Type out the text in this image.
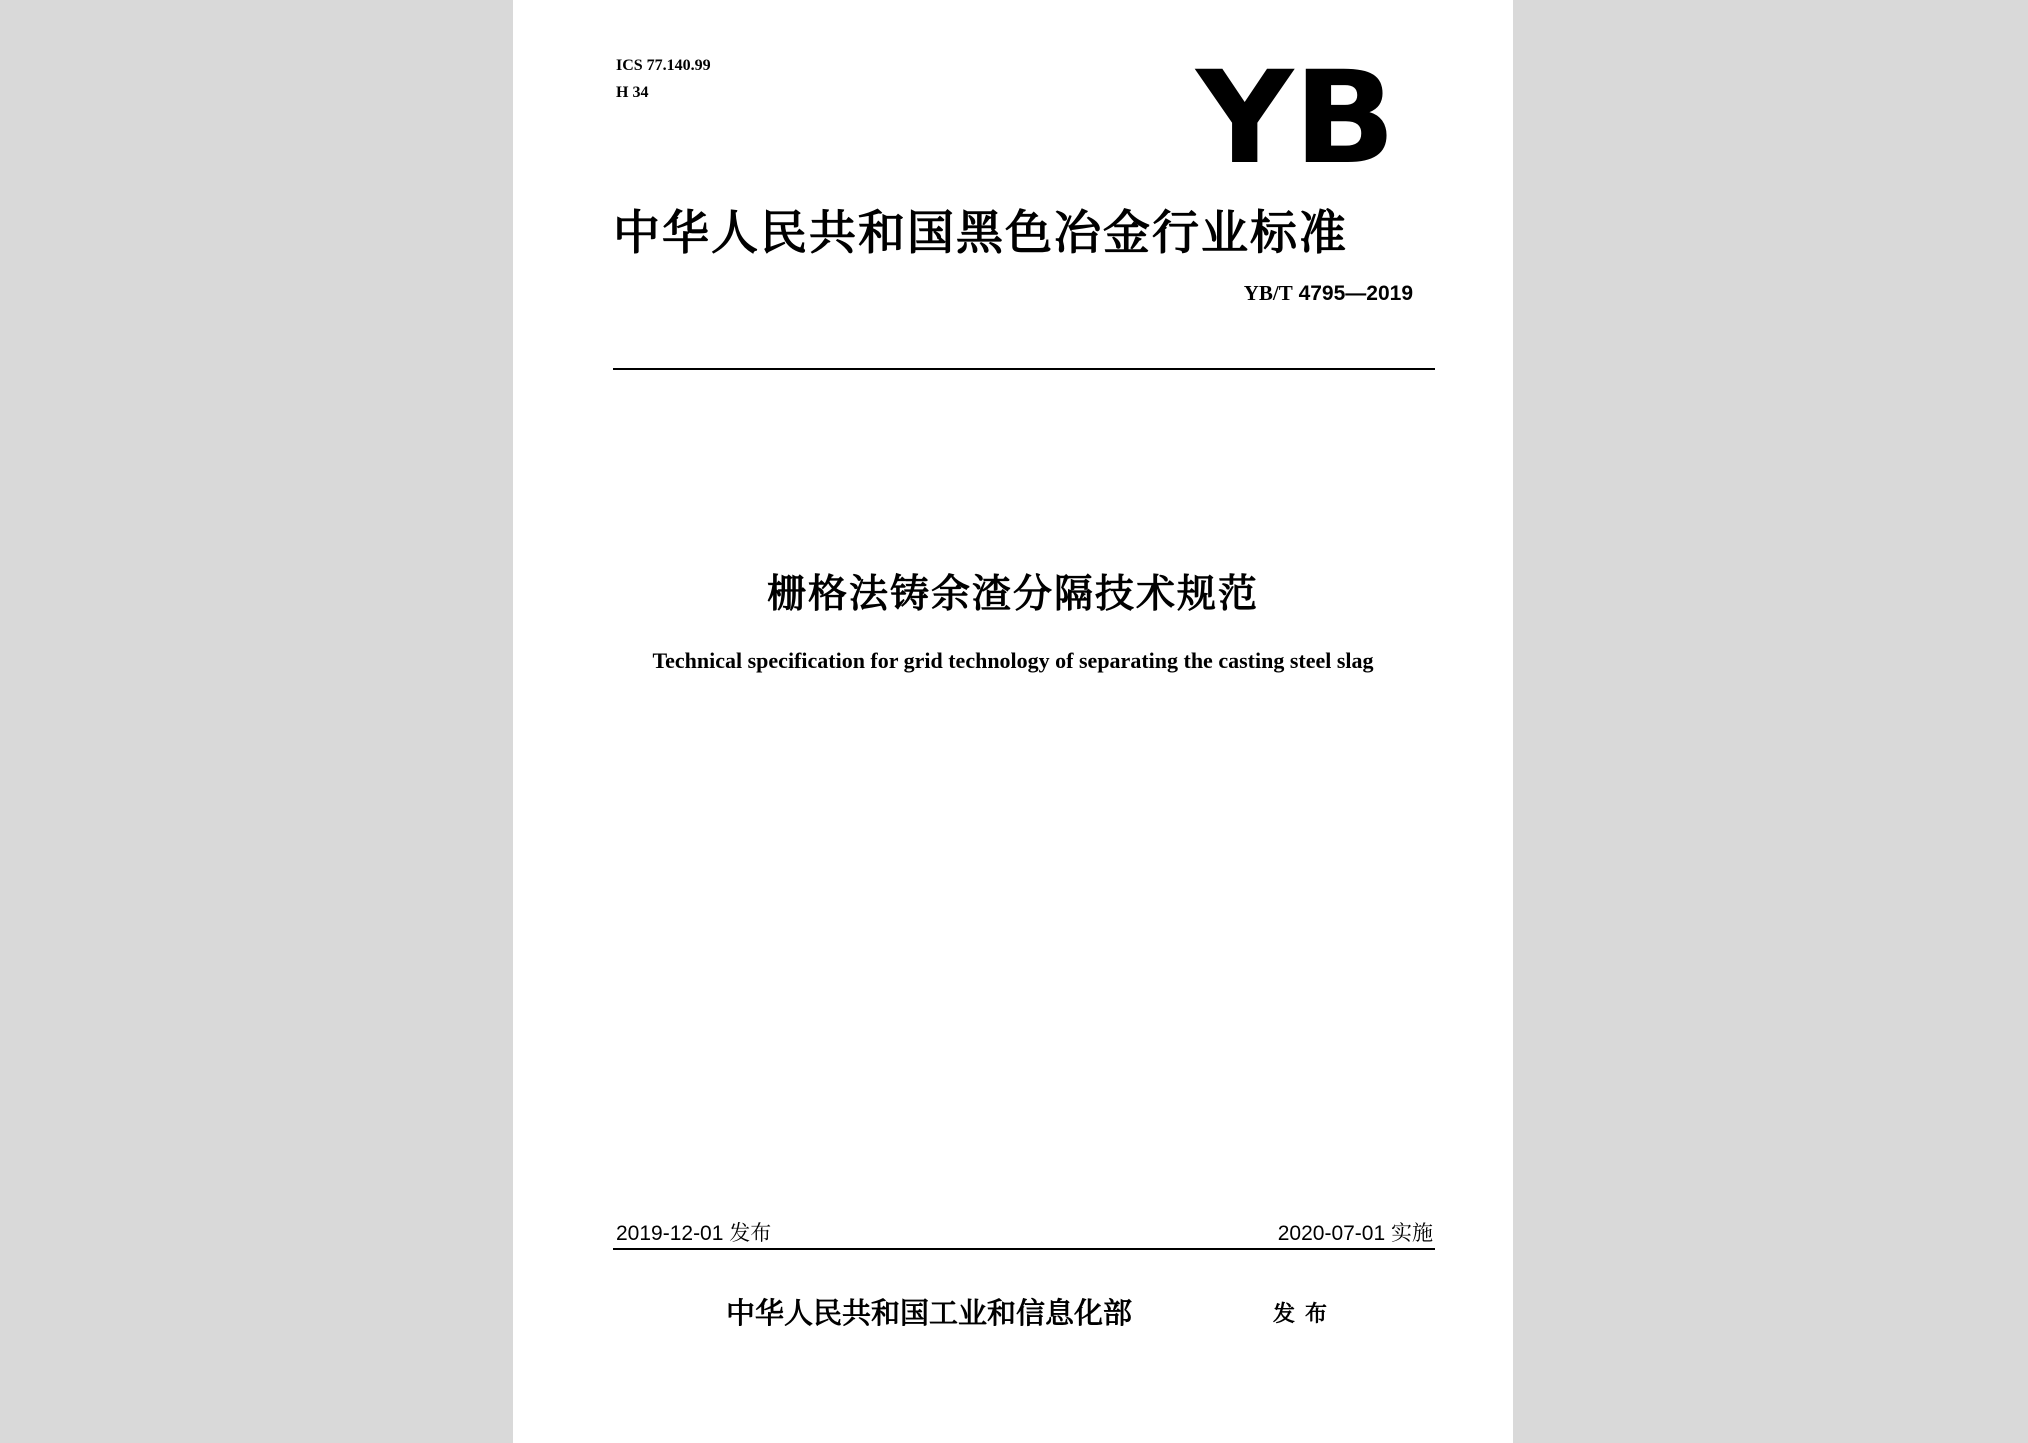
ICS 77.140.99
H 34	YB
中华人民共和国黑色冶金行业标准
YB/T 4795—2019
栅格法铸余渣分隔技术规范
Technical specification for grid technology of separating the casting steel slag
2019-12-01 发布	2020-07-01 实施
中华人民共和国工业和信息化部	发布
